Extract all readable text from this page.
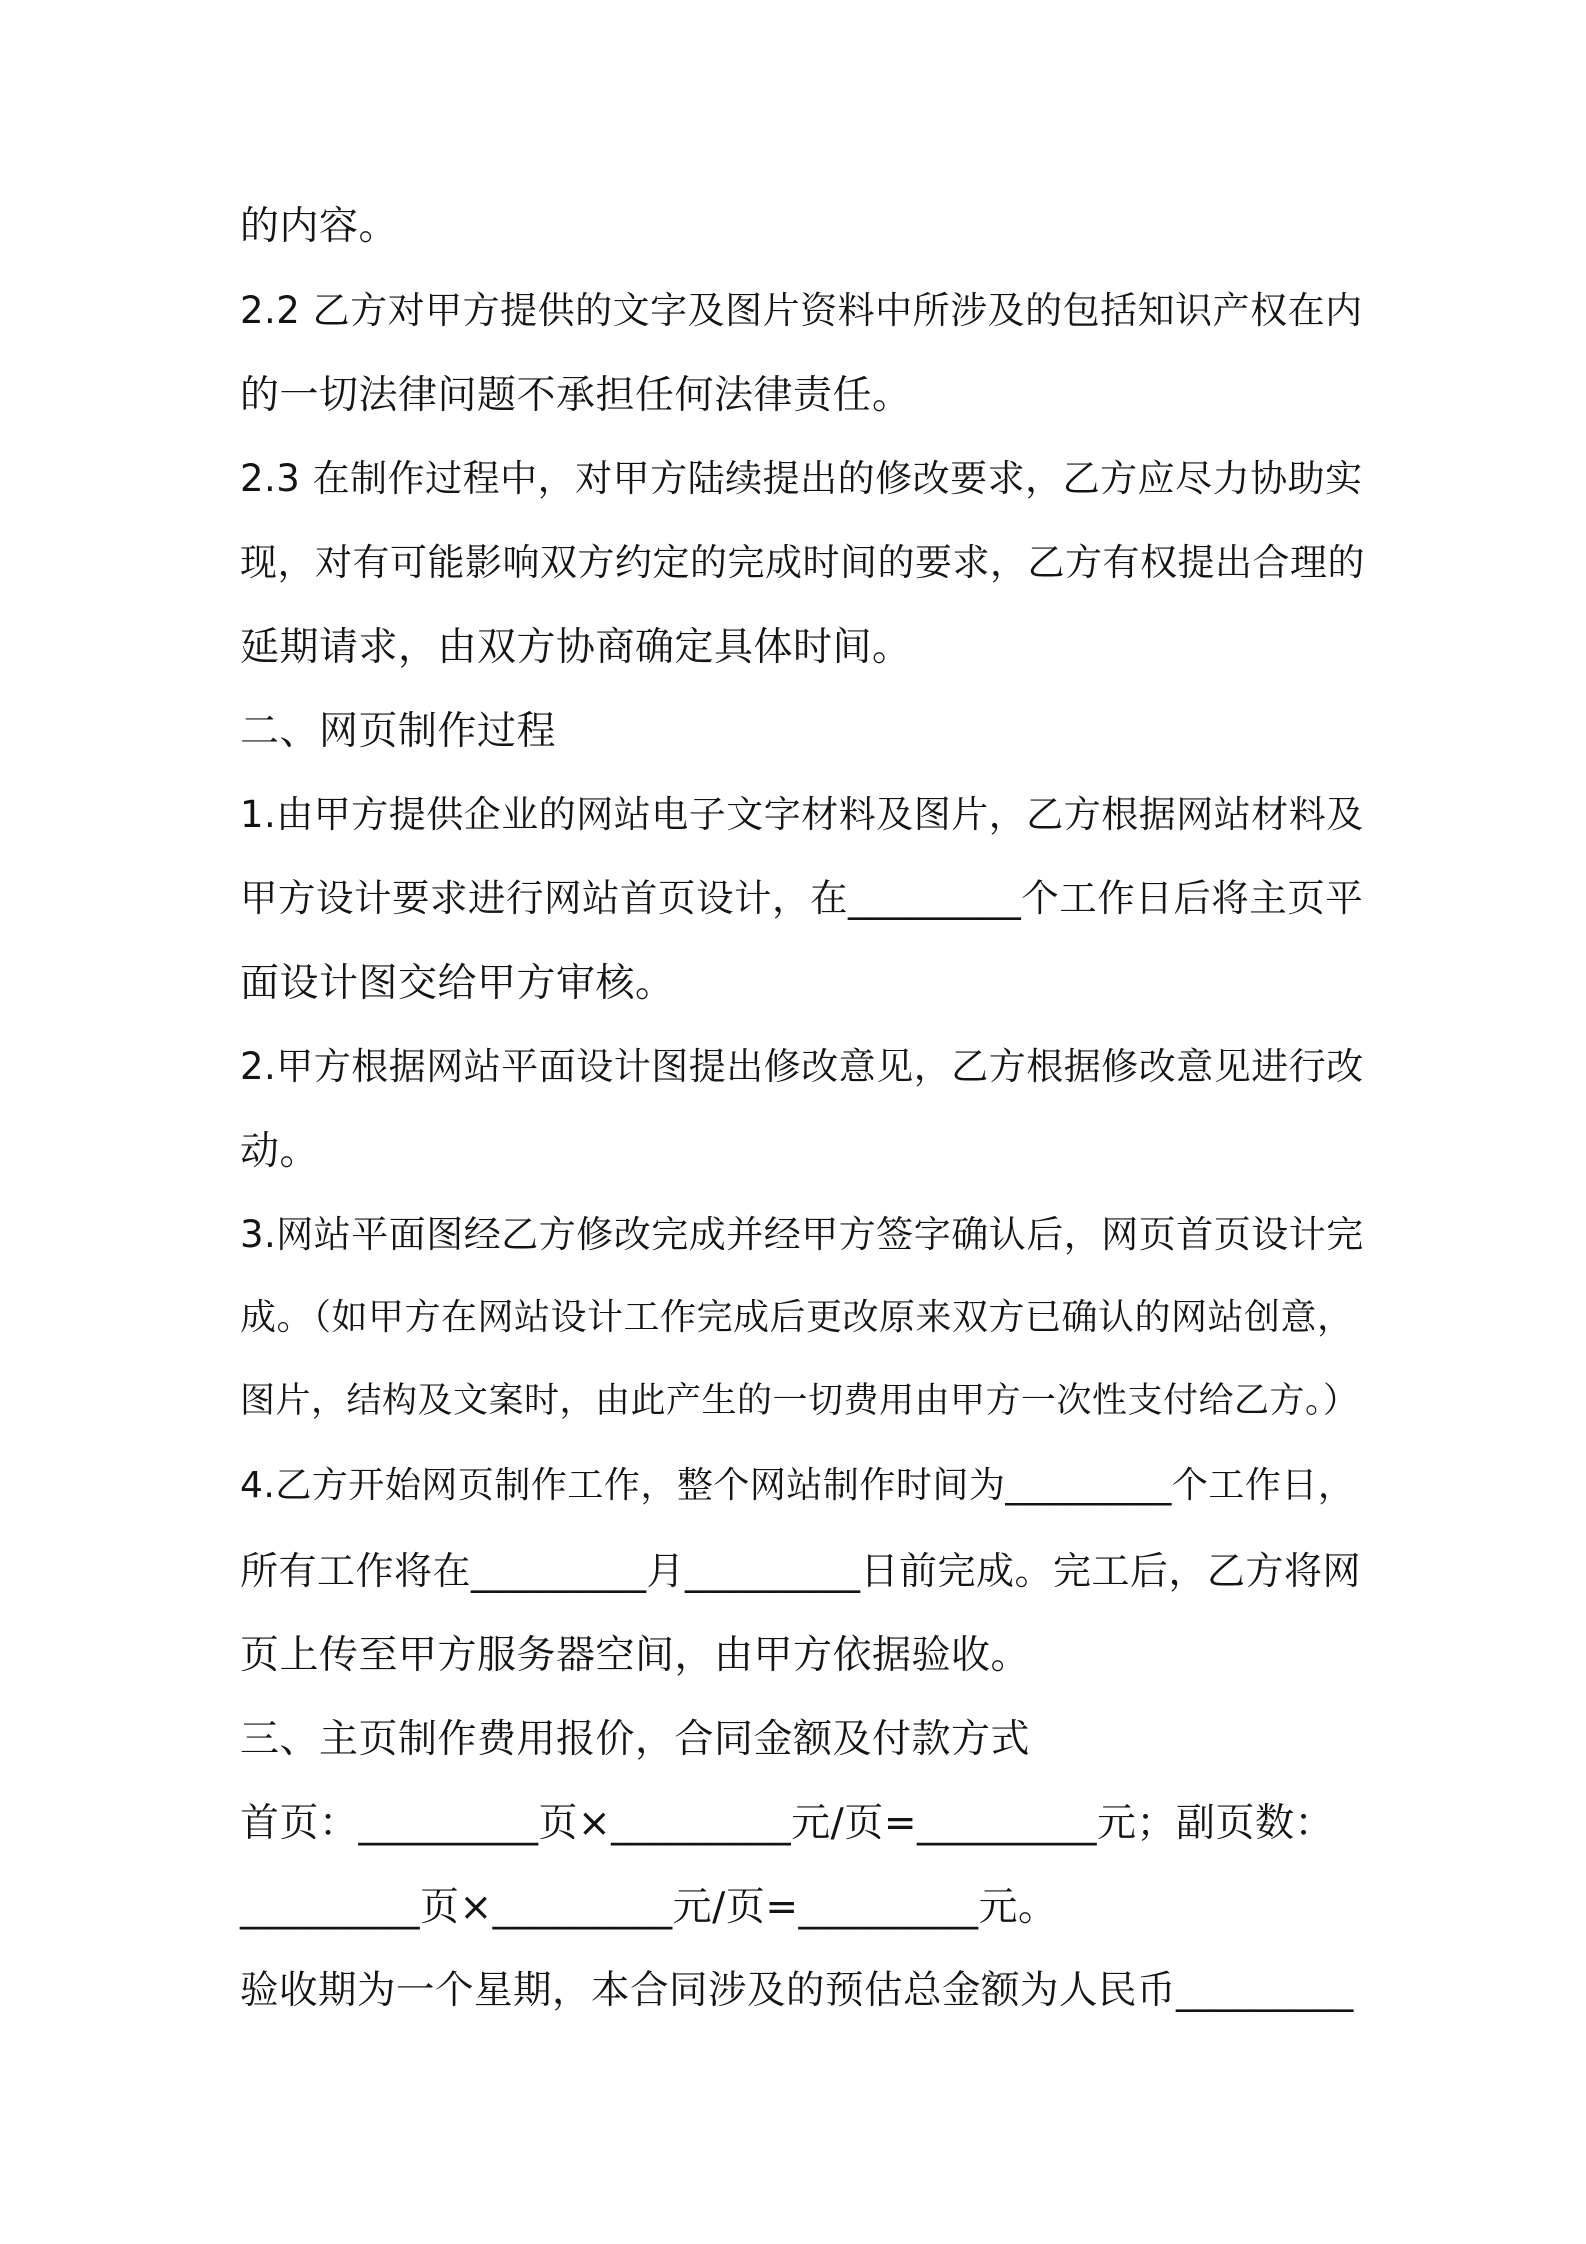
的内容。
2.2 乙方对甲方提供的文字及图片资料中所涉及的包括知识产权在内
的一切法律问题不承担任何法律责任。
2.3 在制作过程中，对甲方陆续提出的修改要求，乙方应尽力协助实
现，对有可能影响双方约定的完成时间的要求，乙方有权提出合理的
延期请求，由双方协商确定具体时间。
二、网页制作过程
1.由甲方提供企业的网站电子文字材料及图片，乙方根据网站材料及
甲方设计要求进行网站首页设计，在_________个工作日后将主页平
面设计图交给甲方审核。
2.甲方根据网站平面设计图提出修改意见，乙方根据修改意见进行改
动。
3.网站平面图经乙方修改完成并经甲方签字确认后，网页首页设计完
成。（如甲方在网站设计工作完成后更改原来双方已确认的网站创意，
图片，结构及文案时，由此产生的一切费用由甲方一次性支付给乙方。）
4.乙方开始网页制作工作，整个网站制作时间为_________个工作日，
所有工作将在_________月_________日前完成。完工后，乙方将网
页上传至甲方服务器空间，由甲方依据验收。
三、主页制作费用报价，合同金额及付款方式
首页：_________页×_________元/页=_________元；副页数：
_________页×_________元/页=_________元。
验收期为一个星期，本合同涉及的预估总金额为人民币_________
